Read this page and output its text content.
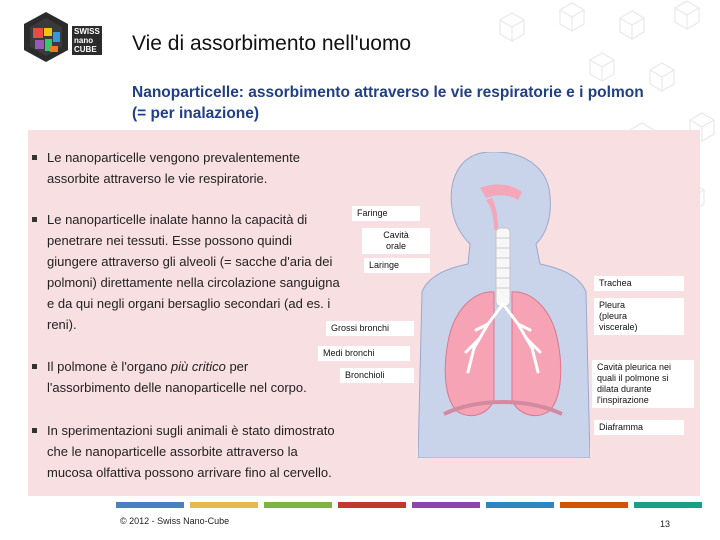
SWISS
nano
CUBE Vie di assorbimento nell'uomo
Nanoparticelle: assorbimento attraverso le vie respiratorie e i polmon
(= per inalazione)
Le nanoparticelle vengono prevalentemente
assorbite attraverso le vie respiratorie.
Le nanoparticelle inalate hanno la capacità di
penetrare nei tessuti. Esse possono quindi
giungere attraverso gli alveoli (= sacche d'aria dei
polmoni) direttamente nella circolazione sanguigna
e da qui negli organi bersaglio secondari (ad es. i
reni).
Il polmone è l'organo più critico per
l'assorbimento delle nanoparticelle nel corpo.
In sperimentazioni sugli animali è stato dimostrato
che le nanoparticelle assorbite attraverso la
mucosa olfattiva possono arrivare fino al cervello.
Faringe
Cavità
orale
Laringe
Grossi bronchi
Medi bronchi
Bronchioli
Trachea
Pleura
(pleura
viscerale)
Cavità pleurica nei
quali il polmone si
dilata durante
l'inspirazione
Diaframma
© 2012 - Swiss Nano-Cube	13
